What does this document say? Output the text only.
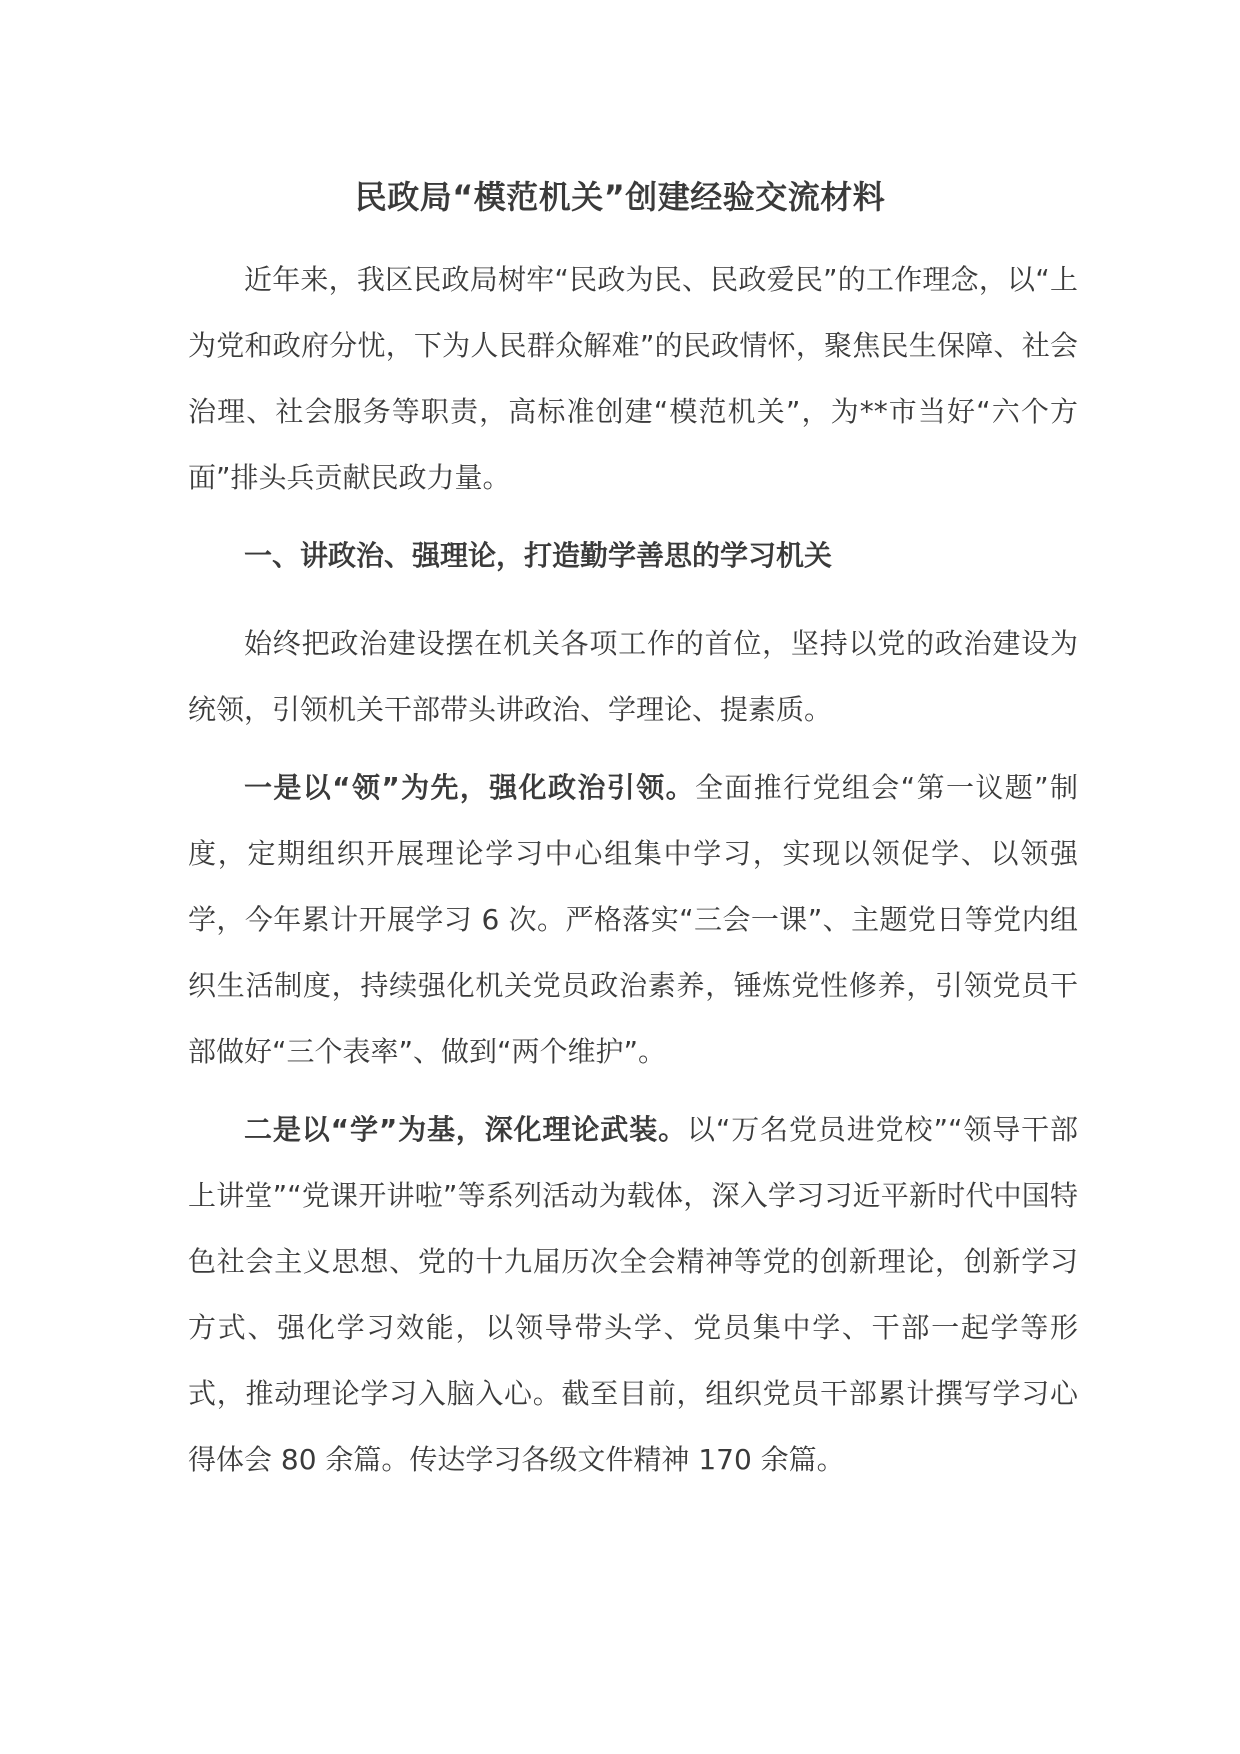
民政局“模范机关”创建经验交流材料

近年来，我区民政局树牢“民政为民、民政爱民”的工作理念，以“上为党和政府分忧，下为人民群众解难”的民政情怀，聚焦民生保障、社会治理、社会服务等职责，高标准创建“模范机关”，为**市当好“六个方面”排头兵贡献民政力量。

一、讲政治、强理论，打造勤学善思的学习机关

始终把政治建设摆在机关各项工作的首位，坚持以党的政治建设为统领，引领机关干部带头讲政治、学理论、提素质。

一是以“领”为先，强化政治引领。全面推行党组会“第一议题”制度，定期组织开展理论学习中心组集中学习，实现以领促学、以领强学，今年累计开展学习 6 次。严格落实“三会一课”、主题党日等党内组织生活制度，持续强化机关党员政治素养，锤炼党性修养，引领党员干部做好“三个表率”、做到“两个维护”。

二是以“学”为基，深化理论武装。以“万名党员进党校”“领导干部上讲堂”“党课开讲啦”等系列活动为载体，深入学习习近平新时代中国特色社会主义思想、党的十九届历次全会精神等党的创新理论，创新学习方式、强化学习效能，以领导带头学、党员集中学、干部一起学等形式，推动理论学习入脑入心。截至目前，组织党员干部累计撰写学习心得体会 80 余篇。传达学习各级文件精神 170 余篇。
